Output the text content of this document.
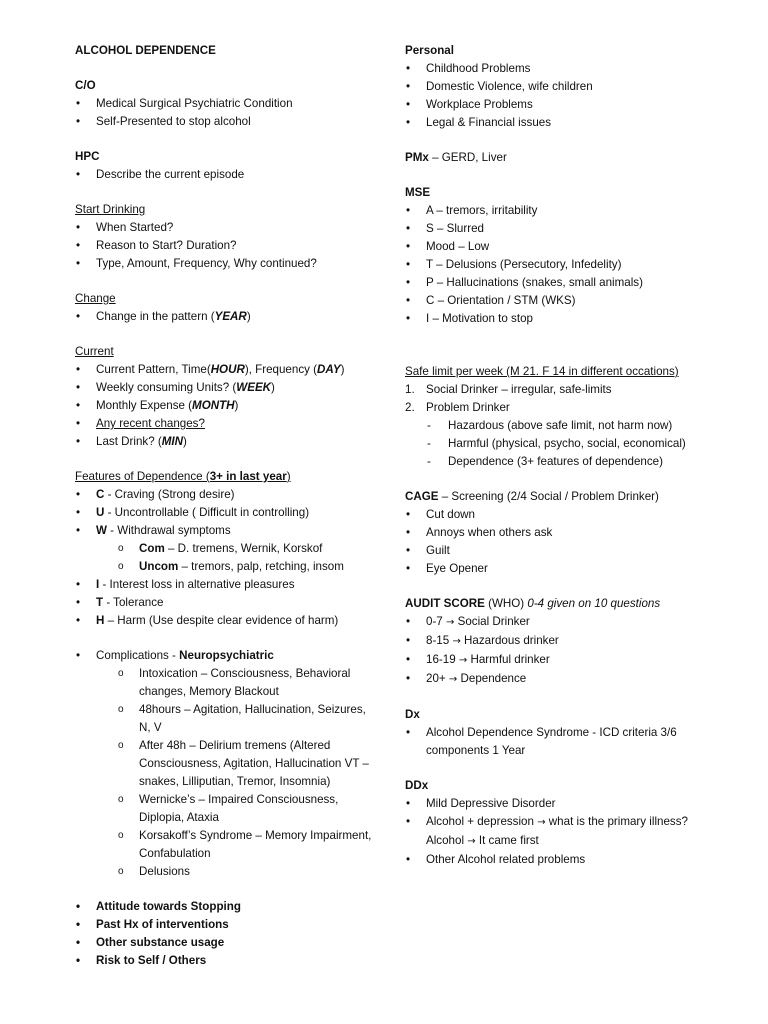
ALCOHOL DEPENDENCE
C/O
• Medical Surgical Psychiatric Condition
• Self-Presented to stop alcohol
HPC
• Describe the current episode
Start Drinking
• When Started?
• Reason to Start? Duration?
• Type, Amount, Frequency, Why continued?
Change
• Change in the pattern (YEAR)
Current
• Current Pattern, Time(HOUR), Frequency (DAY)
• Weekly consuming Units? (WEEK)
• Monthly Expense (MONTH)
• Any recent changes?
• Last Drink? (MIN)
Features of Dependence (3+ in last year)
• C - Craving (Strong desire)
• U - Uncontrollable ( Difficult in controlling)
• W - Withdrawal symptoms
o Com – D. tremens, Wernik, Korskof
o Uncom – tremors, palp, retching, insom
• I - Interest loss in alternative pleasures
• T - Tolerance
• H – Harm (Use despite clear evidence of harm)
• Complications - Neuropsychiatric
o Intoxication – Consciousness, Behavioral changes, Memory Blackout
o 48hours – Agitation, Hallucination, Seizures, N, V
o After 48h – Delirium tremens (Altered Consciousness, Agitation, Hallucination VT – snakes, Lilliputian, Tremor, Insomnia)
o Wernicke’s – Impaired Consciousness, Diplopia, Ataxia
o Korsakoff’s Syndrome – Memory Impairment, Confabulation
o Delusions
• Attitude towards Stopping
• Past Hx of interventions
• Other substance usage
• Risk to Self / Others
Personal
• Childhood Problems
• Domestic Violence, wife children
• Workplace Problems
• Legal & Financial issues
PMx – GERD, Liver
MSE
• A – tremors, irritability
• S – Slurred
• Mood – Low
• T – Delusions (Persecutory, Infedelity)
• P – Hallucinations (snakes, small animals)
• C – Orientation / STM (WKS)
• I – Motivation to stop
Safe limit per week (M 21. F 14 in different occations)
1. Social Drinker – irregular, safe-limits
2. Problem Drinker
- Hazardous (above safe limit, not harm now)
- Harmful (physical, psycho, social, economical)
- Dependence (3+ features of dependence)
CAGE – Screening (2/4 Social / Problem Drinker)
• Cut down
• Annoys when others ask
• Guilt
• Eye Opener
AUDIT SCORE (WHO) 0-4 given on 10 questions
• 0-7 → Social Drinker
• 8-15 → Hazardous drinker
• 16-19 → Harmful drinker
• 20+ → Dependence
Dx
• Alcohol Dependence Syndrome - ICD criteria 3/6 components 1 Year
DDx
• Mild Depressive Disorder
• Alcohol + depression → what is the primary illness? Alcohol → It came first
• Other Alcohol related problems
